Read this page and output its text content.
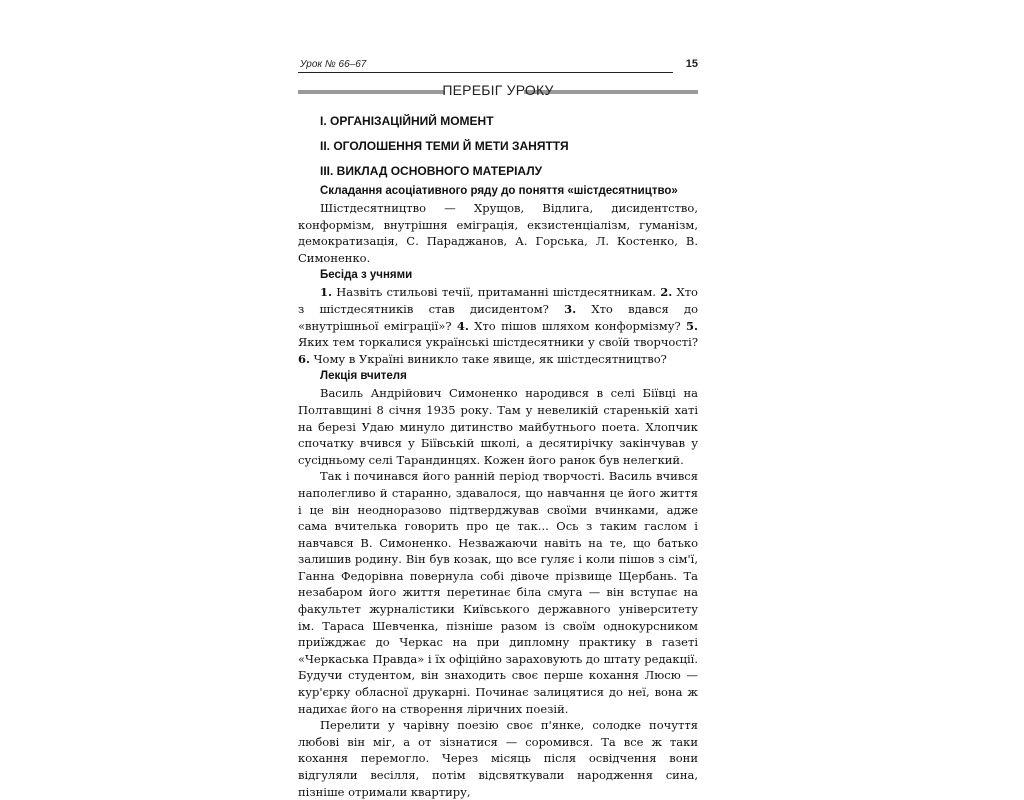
Урок № 66–67	15
ПЕРЕБІГ УРОКУ
І. ОРГАНІЗАЦІЙНИЙ МОМЕНТ
ІІ. ОГОЛОШЕННЯ ТЕМИ Й МЕТИ ЗАНЯТТЯ
ІІІ. ВИКЛАД ОСНОВНОГО МАТЕРІАЛУ
Складання асоціативного ряду до поняття «шістдесятництво»

Шістдесятництво — Хрущов, Відлига, дисидентство, конформізм, внутрішня еміграція, екзистенціалізм, гуманізм, демократизація, С. Параджанов, А. Горська, Л. Костенко, В. Симоненко.

Бесіда з учнями

1. Назвіть стильові течії, притаманні шістдесятникам. 2. Хто з шістдесятників став дисидентом? 3. Хто вдався до «внутрішньої еміграції»? 4. Хто пішов шляхом конформізму? 5. Яких тем торкалися українські шістдесятники у своїй творчості? 6. Чому в Україні виникло таке явище, як шістдесятництво?

Лекція вчителя

Василь Андрійович Симоненко народився в селі Біївці на Полтавщині 8 січня 1935 року. Там у невеликій старенькій хаті на березі Удаю минуло дитинство майбутнього поета. Хлопчик спочатку вчився у Біївській школі, а десятирічку закінчував у сусідньому селі Тарандинцях. Кожен його ранок був нелегкий.

Так і починався його ранній період творчості. Василь вчився наполегливо й старанно, здавалося, що навчання це його життя і це він неодноразово підтверджував своїми вчинками, адже сама вчителька говорить про це так... Ось з таким гаслом і навчався В. Симоненко. Незважаючи навіть на те, що батько залишив родину. Він був козак, що все гуляє і коли пішов з сім'ї, Ганна Федорівна повернула собі дівоче прізвище Щербань. Та незабаром його життя перетинає біла смуга — він вступає на факультет журналістики Київського державного університету ім. Тараса Шевченка, пізніше разом із своїм однокурсником приїжджає до Черкас на при дипломну практику в газеті «Черкаська Правда» і їх офіційно зараховують до штату редакції. Будучи студентом, він знаходить своє перше кохання Люсю — кур'єрку обласної друкарні. Починає залицятися до неї, вона ж надихає його на створення ліричних поезій.

Перелити у чарівну поезію своє п'янке, солодке почуття любові він міг, а от зізнатися — соромився. Та все ж таки кохання перемогло. Через місяць після освідчення вони відгуляли весілля, потім відсвяткували народження сина, пізніше отримали квартиру,
